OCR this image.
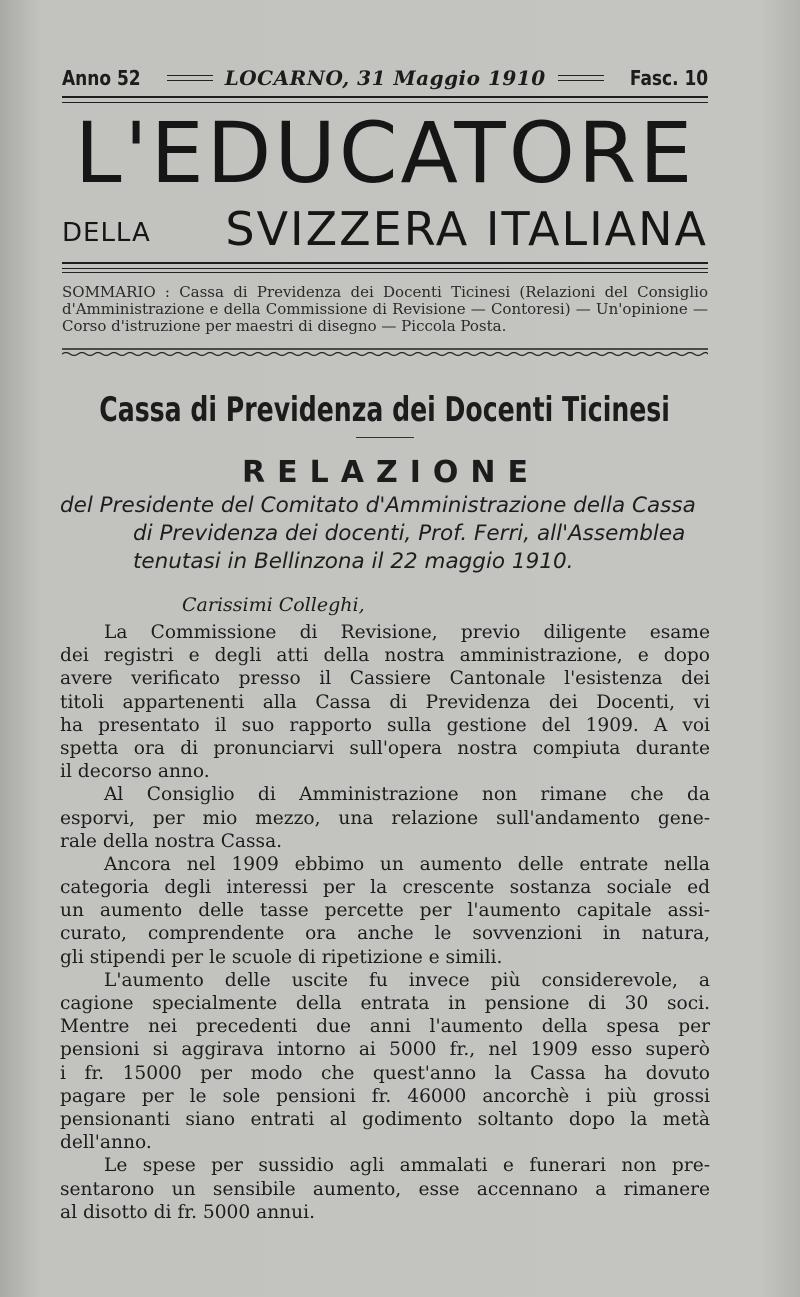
Anno 52	LOCARNO, 31 Maggio 1910	Fasc. 10
L'EDUCATORE
DELLA SVIZZERA ITALIANA
SOMMARIO : Cassa di Previdenza dei Docenti Ticinesi (Relazioni del Consiglio d'Amministrazione e della Commissione di Revisione — Contoresi) — Un'opinione — Corso d'istruzione per maestri di disegno — Piccola Posta.
Cassa di Previdenza dei Docenti Ticinesi
RELAZIONE
del Presidente del Comitato d'Amministrazione della Cassa
di Previdenza dei docenti, Prof. Ferri, all'Assemblea
tenutasi in Bellinzona il 22 maggio 1910.
Carissimi Colleghi,
La Commissione di Revisione, previo diligente esame
dei registri e degli atti della nostra amministrazione, e dopo
avere verificato presso il Cassiere Cantonale l'esistenza dei
titoli appartenenti alla Cassa di Previdenza dei Docenti, vi
ha presentato il suo rapporto sulla gestione del 1909. A voi
spetta ora di pronunciarvi sull'opera nostra compiuta durante
il decorso anno.
Al Consiglio di Amministrazione non rimane che da
esporvi, per mio mezzo, una relazione sull'andamento gene-
rale della nostra Cassa.
Ancora nel 1909 ebbimo un aumento delle entrate nella
categoria degli interessi per la crescente sostanza sociale ed
un aumento delle tasse percette per l'aumento capitale assi-
curato, comprendente ora anche le sovvenzioni in natura,
gli stipendi per le scuole di ripetizione e simili.
L'aumento delle uscite fu invece più considerevole, a
cagione specialmente della entrata in pensione di 30 soci.
Mentre nei precedenti due anni l'aumento della spesa per
pensioni si aggirava intorno ai 5000 fr., nel 1909 esso superò
i fr. 15000 per modo che quest'anno la Cassa ha dovuto
pagare per le sole pensioni fr. 46000 ancorchè i più grossi
pensionanti siano entrati al godimento soltanto dopo la metà
dell'anno.
Le spese per sussidio agli ammalati e funerari non pre-
sentarono un sensibile aumento, esse accennano a rimanere
al disotto di fr. 5000 annui.
